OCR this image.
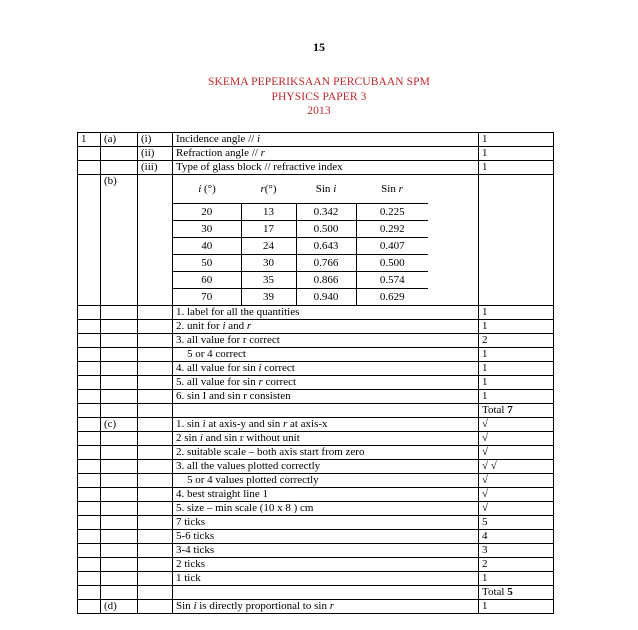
15
SKEMA PEPERIKSAAN PERCUBAAN SPM
PHYSICS PAPER 3
2013
1	(a)	(i)	Incidence angle // i	1
		(ii)	Refraction angle // r	1
		(iii)	Type of glass block // refractive index	1
	(b)		
i (°)	r(°)	Sin i	Sin r
20	13	0.342	0.225
30	17	0.500	0.292
40	24	0.643	0.407
50	30	0.766	0.500
60	35	0.866	0.574
70	39	0.940	0.629

			1. label for all the quantities	1
			2. unit for i and r	1
			3. all value for r correct	2
			5 or 4 correct	1
			4. all value for sin i correct	1
			5. all value for sin r correct	1
			6. sin I and sin r consisten	1
				Total 7
	(c)		1. sin i at axis-y and sin r at axis-x	√
			2 sin i and sin r without unit	√
			2. suitable scale – both axis start from zero	√
			3. all the values plotted correctly	√ √
			5 or 4 values plotted correctly	√
			4. best straight line 1	√
			5. size – min scale (10 x 8 ) cm	√
			7 ticks	5
			5-6 ticks	4
			3-4 ticks	3
			2 ticks	2
			1 tick	1
				Total 5
	(d)		Sin i is directly proportional to sin r	1
